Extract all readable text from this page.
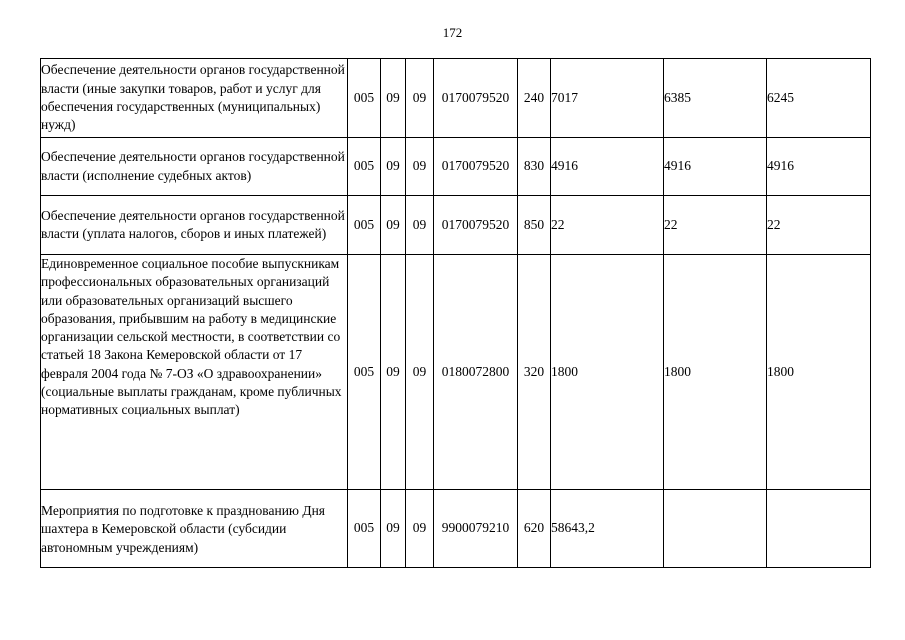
172
Обеспечение деятельности органов государственной власти (иные закупки товаров, работ и услуг для обеспечения государственных (муниципальных) нужд)	005	09	09	0170079520	240	7017	6385	6245
Обеспечение деятельности органов государственной власти (исполнение судебных актов)	005	09	09	0170079520	830	4916	4916	4916
Обеспечение деятельности органов государственной власти (уплата налогов, сборов и иных платежей)	005	09	09	0170079520	850	22	22	22
Единовременное социальное пособие выпускникам профессиональных образовательных организаций или образовательных организаций высшего образования, прибывшим на работу в медицинские организации сельской местности, в соответствии со статьей 18 Закона Кемеровской области от 17 февраля 2004 года № 7-ОЗ «О здравоохранении» (социальные выплаты гражданам, кроме публичных нормативных социальных выплат)	005	09	09	0180072800	320	1800	1800	1800
Мероприятия по подготовке к празднованию Дня шахтера в Кемеровской области (субсидии автономным учреждениям)	005	09	09	9900079210	620	58643,2		
